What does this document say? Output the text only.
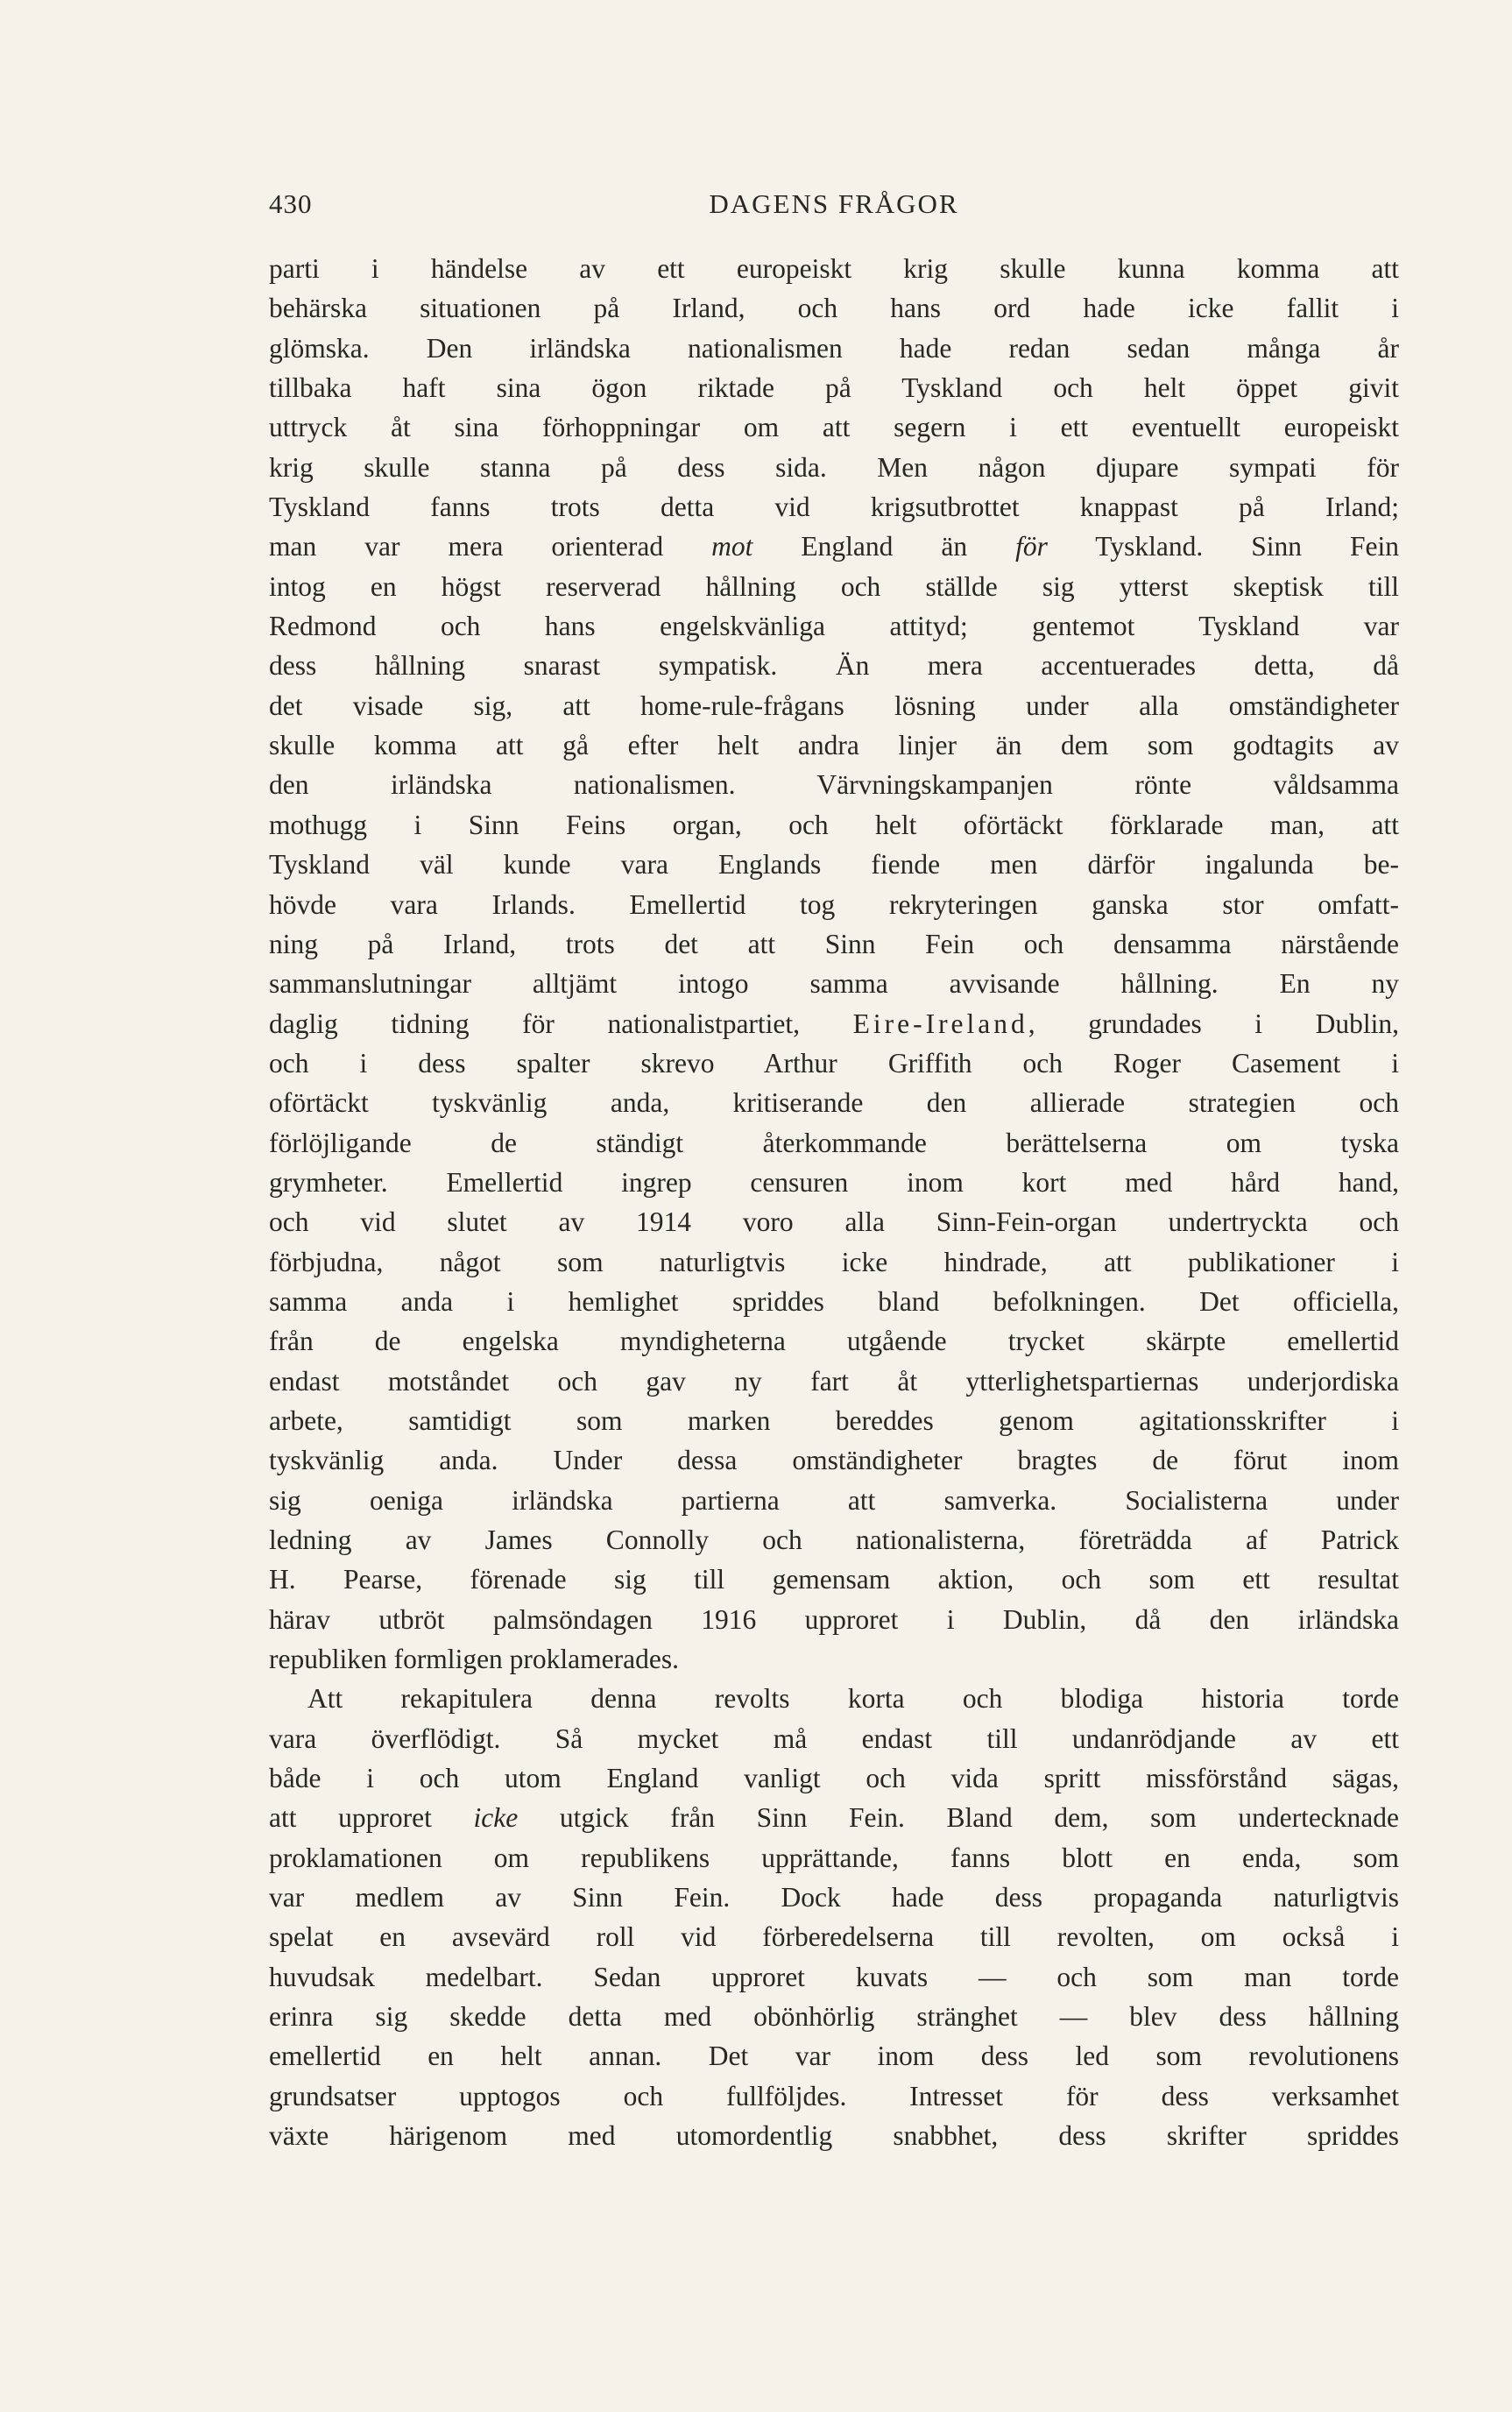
430	DAGENS FRÅGOR
parti i händelse av ett europeiskt krig skulle kunna komma att
behärska situationen på Irland, och hans ord hade icke fallit i
glömska. Den irländska nationalismen hade redan sedan många år
tillbaka haft sina ögon riktade på Tyskland och helt öppet givit
uttryck åt sina förhoppningar om att segern i ett eventuellt europeiskt
krig skulle stanna på dess sida. Men någon djupare sympati för
Tyskland fanns trots detta vid krigsutbrottet knappast på Irland;
man var mera orienterad mot England än för Tyskland. Sinn Fein
intog en högst reserverad hållning och ställde sig ytterst skeptisk till
Redmond och hans engelskvänliga attityd; gentemot Tyskland var
dess hållning snarast sympatisk. Än mera accentuerades detta, då
det visade sig, att home-rule-frågans lösning under alla omständigheter
skulle komma att gå efter helt andra linjer än dem som godtagits av
den irländska nationalismen. Värvningskampanjen rönte våldsamma
mothugg i Sinn Feins organ, och helt oförtäckt förklarade man, att
Tyskland väl kunde vara Englands fiende men därför ingalunda be-
hövde vara Irlands. Emellertid tog rekryteringen ganska stor omfatt-
ning på Irland, trots det att Sinn Fein och densamma närstående
sammanslutningar alltjämt intogo samma avvisande hållning. En ny
daglig tidning för nationalistpartiet, Eire-Ireland, grundades i Dublin,
och i dess spalter skrevo Arthur Griffith och Roger Casement i
oförtäckt tyskvänlig anda, kritiserande den allierade strategien och
förlöjligande de ständigt återkommande berättelserna om tyska
grymheter. Emellertid ingrep censuren inom kort med hård hand,
och vid slutet av 1914 voro alla Sinn-Fein-organ undertryckta och
förbjudna, något som naturligtvis icke hindrade, att publikationer i
samma anda i hemlighet spriddes bland befolkningen. Det officiella,
från de engelska myndigheterna utgående trycket skärpte emellertid
endast motståndet och gav ny fart åt ytterlighetspartiernas underjordiska
arbete, samtidigt som marken bereddes genom agitationsskrifter i
tyskvänlig anda. Under dessa omständigheter bragtes de förut inom
sig oeniga irländska partierna att samverka. Socialisterna under
ledning av James Connolly och nationalisterna, företrädda af Patrick
H. Pearse, förenade sig till gemensam aktion, och som ett resultat
härav utbröt palmsöndagen 1916 upproret i Dublin, då den irländska
republiken formligen proklamerades.
Att rekapitulera denna revolts korta och blodiga historia torde
vara överflödigt. Så mycket må endast till undanrödjande av ett
både i och utom England vanligt och vida spritt missförstånd sägas,
att upproret icke utgick från Sinn Fein. Bland dem, som undertecknade
proklamationen om republikens upprättande, fanns blott en enda, som
var medlem av Sinn Fein. Dock hade dess propaganda naturligtvis
spelat en avsevärd roll vid förberedelserna till revolten, om också i
huvudsak medelbart. Sedan upproret kuvats — och som man torde
erinra sig skedde detta med obönhörlig stränghet — blev dess hållning
emellertid en helt annan. Det var inom dess led som revolutionens
grundsatser upptogos och fullföljdes. Intresset för dess verksamhet
växte härigenom med utomordentlig snabbhet, dess skrifter spriddes
